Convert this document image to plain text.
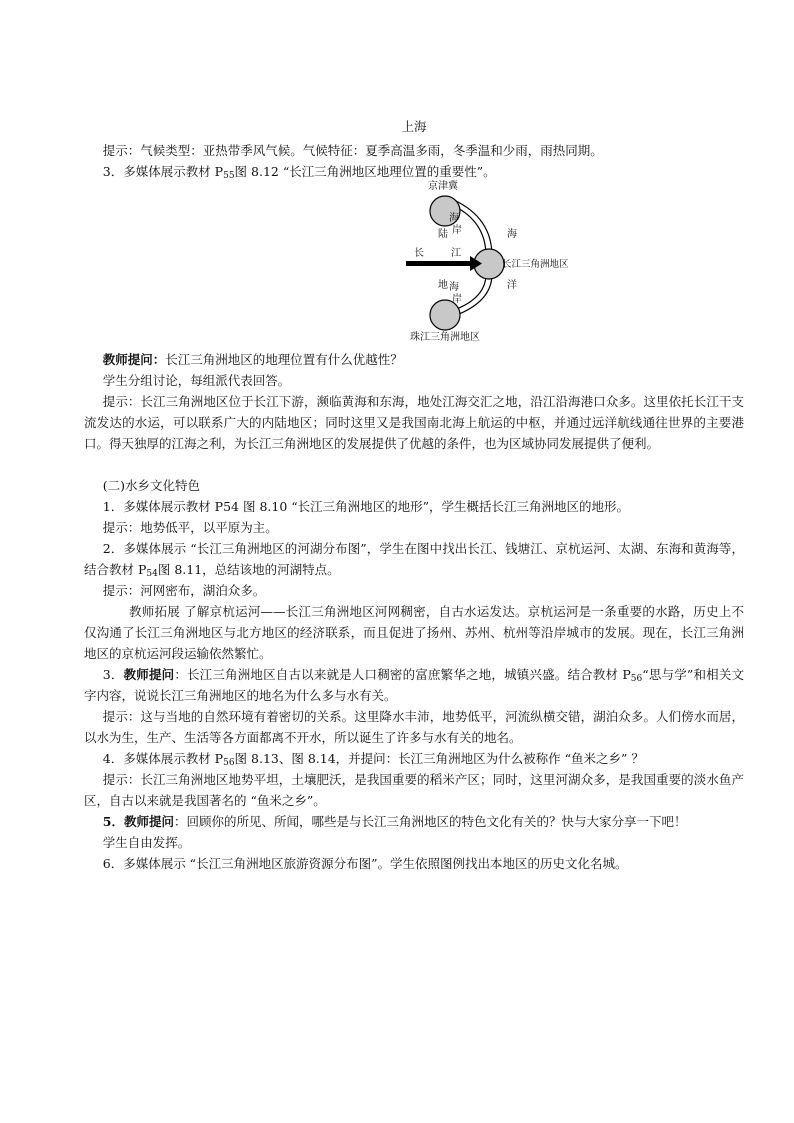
上海
提示：气候类型：亚热带季风气候。气候特征：夏季高温多雨，冬季温和少雨，雨热同期。
3．多媒体展示教材 $P_{55}$图 8.12 “长江三角洲地区地理位置的重要性”。
京津冀
海
岸
陆	海
长	江
长江三角洲地区
地 海
岸
洋
珠江三角洲地区
教师提问：长江三角洲地区的地理位置有什么优越性？
学生分组讨论，每组派代表回答。
提示：长江三角洲地区位于长江下游，濒临黄海和东海，地处江海交汇之地，沿江沿海港口众多。这里依托长江干支流发达的水运，可以联系广大的内陆地区；同时这里又是我国南北海上航运的中枢，并通过远洋航线通往世界的主要港口。得天独厚的江海之利，为长江三角洲地区的发展提供了优越的条件，也为区域协同发展提供了便利。
(二)水乡文化特色
1．多媒体展示教材 P54 图 8.10 “长江三角洲地区的地形”，学生概括长江三角洲地区的地形。
提示：地势低平，以平原为主。
2．多媒体展示 “长江三角洲地区的河湖分布图”，学生在图中找出长江、钱塘江、京杭运河、太湖、东海和黄海等，结合教材 $P_{54}$图 8.11，总结该地的河湖特点。
提示：河网密布，湖泊众多。
教师拓展 了解京杭运河——长江三角洲地区河网稠密，自古水运发达。京杭运河是一条重要的水路，历史上不仅沟通了长江三角洲地区与北方地区的经济联系，而且促进了扬州、苏州、杭州等沿岸城市的发展。现在，长江三角洲地区的京杭运河段运输依然繁忙。
3．教师提问：长江三角洲地区自古以来就是人口稠密的富庶繁华之地，城镇兴盛。结合教材 $P_{56}“$思与学”和相关文字内容，说说长江三角洲地区的地名为什么多与水有关。
提示：这与当地的自然环境有着密切的关系。这里降水丰沛，地势低平，河流纵横交错，湖泊众多。人们傍水而居，以水为生，生产、生活等各方面都离不开水，所以诞生了许多与水有关的地名。
4．多媒体展示教材 $P_{56}$图 8.13、图 8.14，并提问：长江三角洲地区为什么被称作 “鱼米之乡” ？
提示：长江三角洲地区地势平坦，土壤肥沃，是我国重要的稻米产区；同时，这里河湖众多，是我国重要的淡水鱼产区，自古以来就是我国著名的 “鱼米之乡”。
5．教师提问：回顾你的所见、所闻，哪些是与长江三角洲地区的特色文化有关的？快与大家分享一下吧！
学生自由发挥。
6．多媒体展示 “长江三角洲地区旅游资源分布图”。学生依照图例找出本地区的历史文化名城。
